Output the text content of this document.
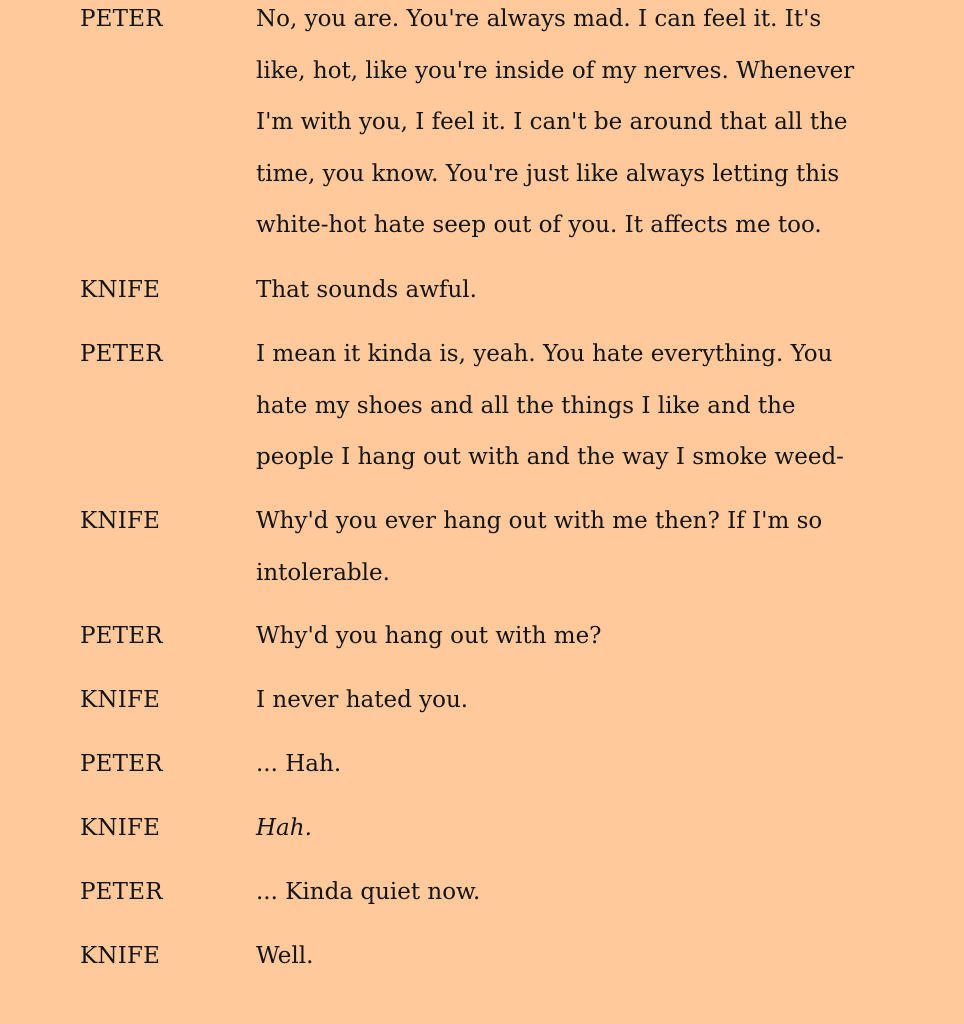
PETER	No, you are. You're always mad. I can feel it. It's like, hot, like you're inside of my nerves. Whenever I'm with you, I feel it. I can't be around that all the time, you know. You're just like always letting this white-hot hate seep out of you. It affects me too.
KNIFE	That sounds awful.
PETER	I mean it kinda is, yeah. You hate everything. You hate my shoes and all the things I like and the people I hang out with and the way I smoke weed-
KNIFE	Why'd you ever hang out with me then? If I'm so intolerable.
PETER	Why'd you hang out with me?
KNIFE	I never hated you.
PETER	... Hah.
KNIFE	Hah.
PETER	... Kinda quiet now.
KNIFE	Well.
